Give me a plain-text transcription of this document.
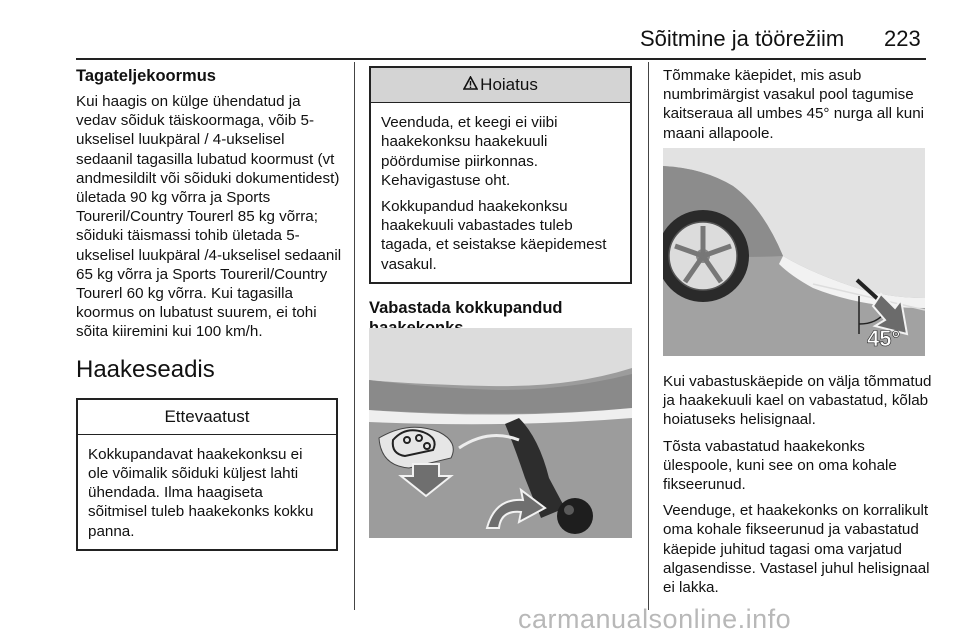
Sõitmine ja töörežiim 223
Tagateljekoormus

Kui haagis on külge ühendatud ja vedav sõiduk täiskoormaga, võib 5-ukselisel luukpäral / 4-ukselisel sedaanil tagasilla lubatud koormust (vt andmesildilt või sõiduki dokumentidest) ületada 90 kg võrra ja Sports Toureril/Country Tourerl 85 kg võrra; sõiduki täismassi tohib ületada 5-ukselisel luukpäral /4-ukselisel sedaanil 65 kg võrra ja Sports Toureril/Country Tourerl 60 kg võrra. Kui tagasilla koormus on lubatust suurem, ei tohi sõita kiiremini kui 100 km/h.

Haakeseadis
Ettevaatust

Kokkupandavat haakekonksu ei ole võimalik sõiduki küljest lahti ühendada. Ilma haagiseta sõitmisel tuleb haakekonks kokku panna.

Hoiatus

Veenduda, et keegi ei viibi haakekonksu haakekuuli pöördumise piirkonnas. Kehavigastuse oht.

Kokkupandud haakekonksu haakekuuli vabastades tuleb tagada, et seistakse käepidemest vasakul.

Vabastada kokkupandud

Tõmmake käepidet, mis asub numbrimärgist vasakul pool tagumise kaitseraua all umbes 45° nurga all kuni maani allapoole.

45°

Kui vabastuskäepide on välja tõmmatud ja haakekuuli kael on vabastatud, kõlab hoiatuseks helisignaal.

Tõsta vabastatud haakekonks ülespoole, kuni see on oma kohale fikseerunud.

Veenduge, et haakekonks on korralikult oma kohale fikseerunud ja vabastatud käepide juhitud tagasi oma varjatud algasendisse. Vastasel juhul helisignaal ei lakka.

carmanualsonline.info
